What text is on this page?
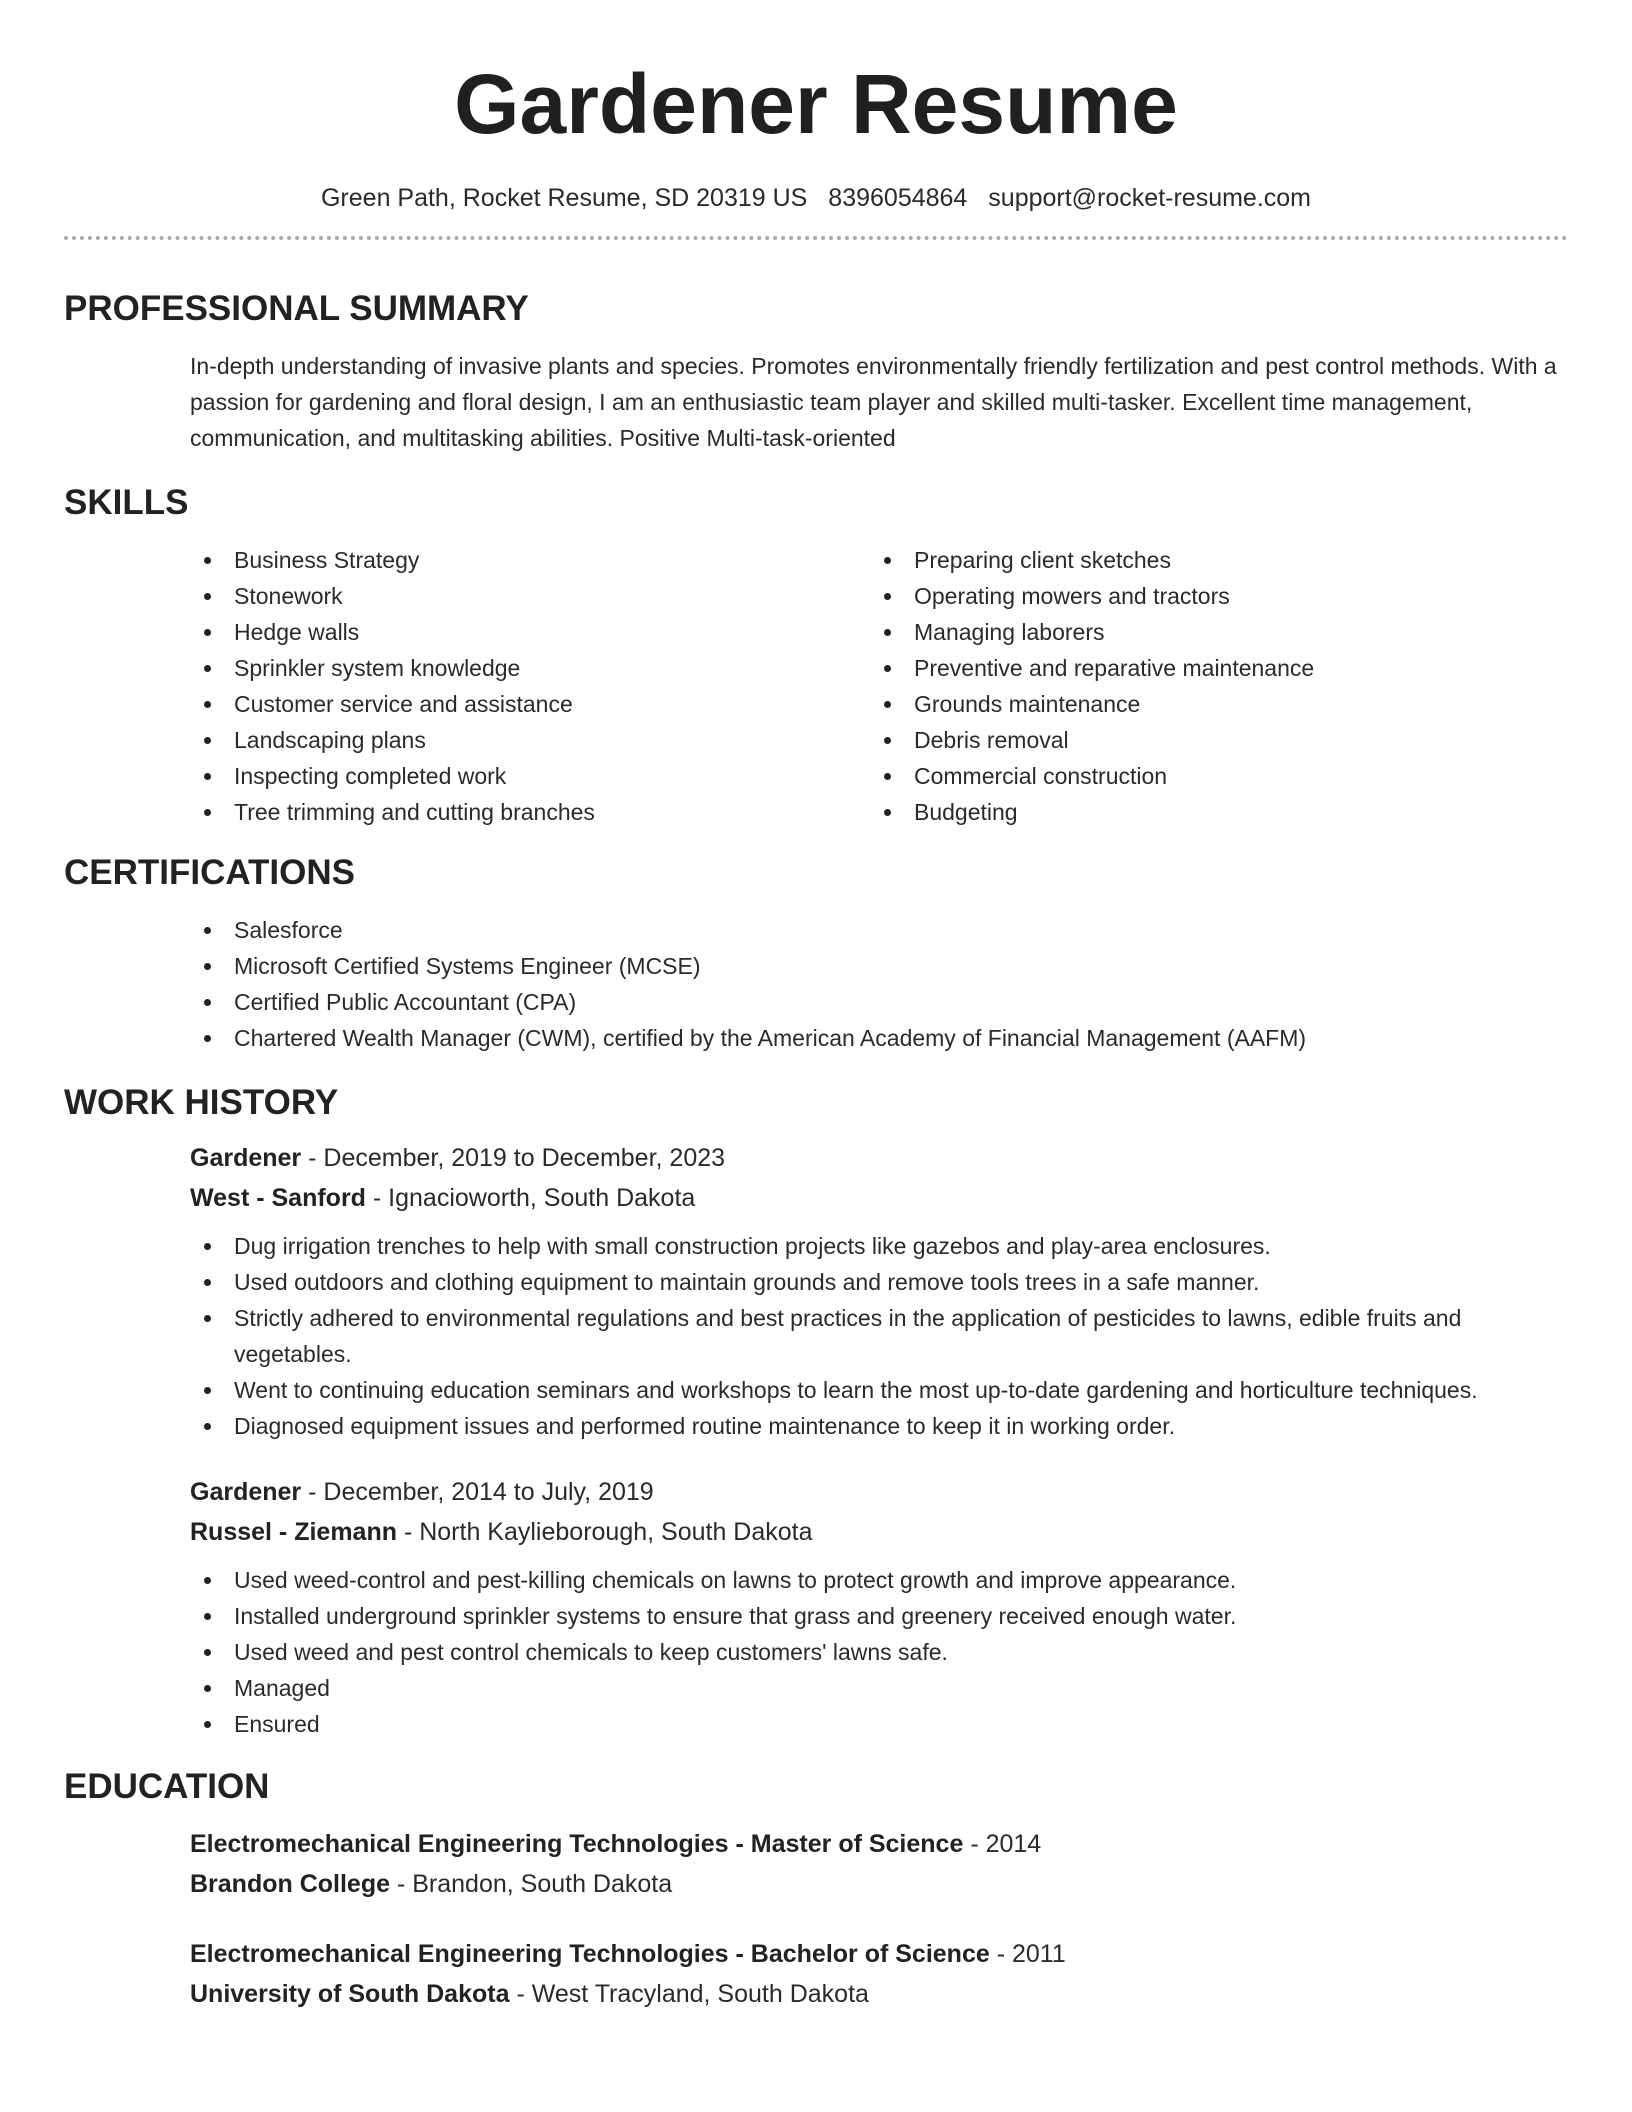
Gardener Resume
Green Path, Rocket Resume, SD 20319 US 8396054864 support@rocket-resume.com
PROFESSIONAL SUMMARY
In-depth understanding of invasive plants and species. Promotes environmentally friendly fertilization and pest control methods. With a passion for gardening and floral design, I am an enthusiastic team player and skilled multi-tasker. Excellent time management, communication, and multitasking abilities. Positive Multi-task-oriented
SKILLS
Business Strategy
Stonework
Hedge walls
Sprinkler system knowledge
Customer service and assistance
Landscaping plans
Inspecting completed work
Tree trimming and cutting branches
Preparing client sketches
Operating mowers and tractors
Managing laborers
Preventive and reparative maintenance
Grounds maintenance
Debris removal
Commercial construction
Budgeting
CERTIFICATIONS
Salesforce
Microsoft Certified Systems Engineer (MCSE)
Certified Public Accountant (CPA)
Chartered Wealth Manager (CWM), certified by the American Academy of Financial Management (AAFM)
WORK HISTORY
Gardener - December, 2019 to December, 2023
West - Sanford - Ignacioworth, South Dakota
Dug irrigation trenches to help with small construction projects like gazebos and play-area enclosures.
Used outdoors and clothing equipment to maintain grounds and remove tools trees in a safe manner.
Strictly adhered to environmental regulations and best practices in the application of pesticides to lawns, edible fruits and vegetables.
Went to continuing education seminars and workshops to learn the most up-to-date gardening and horticulture techniques.
Diagnosed equipment issues and performed routine maintenance to keep it in working order.
Gardener - December, 2014 to July, 2019
Russel - Ziemann - North Kaylieborough, South Dakota
Used weed-control and pest-killing chemicals on lawns to protect growth and improve appearance.
Installed underground sprinkler systems to ensure that grass and greenery received enough water.
Used weed and pest control chemicals to keep customers' lawns safe.
Managed
Ensured
EDUCATION
Electromechanical Engineering Technologies - Master of Science - 2014
Brandon College - Brandon, South Dakota
Electromechanical Engineering Technologies - Bachelor of Science - 2011
University of South Dakota - West Tracyland, South Dakota
